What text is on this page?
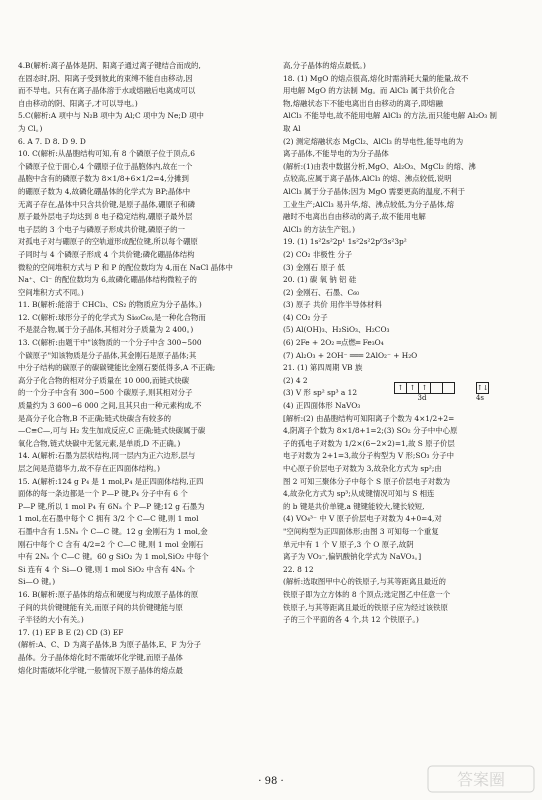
4.B(解析:离子晶体是阴、阳离子通过离子键结合而成的,
在固态时,阴、阳离子受到彼此的束缚不能自由移动,因
而不导电。只有在离子晶体溶于水或熔融后电离成可以
自由移动的阴、阳离子,才可以导电。)
5.C(解析:A 项中与 N₂B 项中为 Al;C 项中为 Ne;D 项中
为 Cl。)
6. A 7. D 8. D 9. D
10. C(解析:从晶胞结构可知,有 8 个磷原子位于顶点,6
个磷原子位于面心,4 个硼原子位于晶胞体内,故在一个
晶胞中含有的磷原子数为 8×1/8+6×1/2=4,分摊到
的硼原子数为 4,故磷化硼晶体的化学式为 BP;晶体中
无离子存在,晶体中只含共价键,是原子晶体,硼原子和磷
原子最外层电子均达到 8 电子稳定结构,硼原子最外层
电子层的 3 个电子与磷原子形成共价键,磷原子的一
对孤电子对与硼原子的空轨道形成配位键,所以每个硼原
子同时与 4 个磷原子形成 4 个共价键;磷化硼晶体结构
微粒的空间堆积方式与 P 和 P 的配位数均为 4,而在 NaCl 晶体中
Na⁺、Cl⁻ 的配位数均为 6,故磷化硼晶体结构微粒子的
空间堆积方式不同。)
11. B(解析:能溶于 CHCl₃、CS₂ 的物质应为分子晶体。)
12. C(解析:球形分子的化学式为 Si₆₀C₆₀,是一种化合物而
不是混合物,属于分子晶体,其相对分子质量为 2 400。)
13. C(解析:由题干中"该物质的一个分子中含 300~500
个碳原子"知该物质是分子晶体,其金刚石是原子晶体;其
中分子结构的碳原子的碳碳键能比金刚石要低得多,A 不正确;
高分子化合物的相对分子质量在 10 000,而链式炔碳
的一个分子中含有 300~500 个碳原子,则其相对分子
质量约为 3 600~6 000 之间,且其只由一种元素构成,不
是高分子化合物,B 不正确;链式炔碳含有较多的
—C≡C—,可与 H₂ 发生加成反应,C 正确;链式炔碳属于碳
氧化合物,链式炔碳中无氢元素,是单质,D 不正确。)
14. A(解析:石墨为层状结构,同一层内为正六边形,层与
层之间是范德华力,故不存在正四面体结构。)
15. A(解析:124 g P₄ 是 1 mol,P₄ 是正四面体结构,正四
面体的每一条边都是一个 P—P 键,P₄ 分子中有 6 个
P—P 键,所以 1 mol P₄ 有 6Nₐ 个 P—P 键;12 g 石墨为
1 mol,在石墨中每个 C 拥有 3/2 个 C—C 键,则 1 mol
石墨中含有 1.5Nₐ 个 C—C 键。12 g 金刚石为 1 mol,金
刚石中每个 C 含有 4/2=2 个 C—C 键,则 1 mol 金刚石
中有 2Nₐ 个 C—C 键。60 g SiO₂ 为 1 mol,SiO₂ 中每个
Si 连有 4 个 Si—O 键,则 1 mol SiO₂ 中含有 4Nₐ 个
Si—O 键。)
16. B(解析:原子晶体的熔点和硬度与构成原子晶体的原
子间的共价键键能有关,而原子间的共价键键能与原
子半径的大小有关。)
17. (1) EF B E (2) CD (3) EF
(解析:A、C、D 为离子晶体,B 为原子晶体,E、F 为分子
晶体。分子晶体熔化时不需破坏化学键,而原子晶体
熔化时需破坏化学键,一般情况下原子晶体的熔点最
高,分子晶体的熔点最低。)
18. (1) MgO 的熔点很高,熔化时需消耗大量的能量,故不
用电解 MgO 的方法制 Mg。而 AlCl₃ 属于共价化合
物,熔融状态下不能电离出自由移动的离子,即熔融
AlCl₃ 不能导电,故不能用电解 AlCl₃ 的方法,而只能电解 Al₂O₃ 制
取 Al
(2) 测定熔融状态 MgCl₂、AlCl₃ 的导电性,能导电的为
离子晶体,不能导电的为分子晶体
(解析:(1)由表中数据分析,MgO、Al₂O₃、MgCl₂ 的熔、沸
点较高,应属于离子晶体,AlCl₃ 的熔、沸点较低,说明
AlCl₃ 属于分子晶体;因为 MgO 需要更高的温度,不利于
工业生产;AlCl₃ 易升华,熔、沸点较低,为分子晶体,熔
融时不电离出自由移动的离子,故不能用电解
AlCl₃ 的方法生产铝。)
19. (1) 1s²2s²2p¹ 1s²2s²2p⁶3s²3p²
(2) CO₂ 非极性 分子
(3) 金刚石 原子 低
20. (1) 碳 氧 钠 铝 硅
(2) 金刚石、石墨、C₆₀
(3) 原子 共价 用作半导体材料
(4) CO₂ 分子
(5) Al(OH)₃、H₂SiO₃、H₂CO₃
(6) 2Fe + 2O₂ ═点燃═ Fe₃O₄
(7) Al₂O₃ + 2OH⁻ ═══ 2AlO₂⁻ + H₂O
21. (1) 第四周期 VB 族
(2) 4 2
(3) V 形 sp² sp³ a 12
(4) 正四面体形 NaVO₃
[解析:(2) 由晶胞结构可知阳离子个数为 4×1/2+2=
4,阴离子个数为 8×1/8+1=2;(3) SO₂ 分子中中心原
子的孤电子对数为 1/2×(6−2×2)=1,故 S 原子价层
电子对数为 2+1=3,故分子构型为 V 形;SO₃ 分子中
中心原子价层电子对数为 3,故杂化方式为 sp²;由
图 2 可知三聚体分子中每个 S 原子价层电子对数为
4,故杂化方式为 sp³;从成键情况可知与 S 相连
的 b 键是共价单键,a 键键能较大,键长较短,
(4) VO₄³⁻ 中 V 原子价层电子对数为 4+0=4,对
"空间构型为正四面体形;由图 3 可知每一个重复
单元中有 1 个 V 原子,3 个 O 原子,故阴
离子为 VO₃⁻,偏钒酸钠化学式为 NaVO₃。]
22. 8 12
(解析:选取图甲中心的铁原子,与其等距离且最近的
铁原子即为立方体的 8 个顶点;选定图乙中任意一个
铁原子,与其等距离且最近的铁原子应为经过该铁原
子的三个平面的各 4 个,共 12 个铁原子。)
↑ ↑ ↑
3d
↑↓
4s
· 98 ·	答案圈
